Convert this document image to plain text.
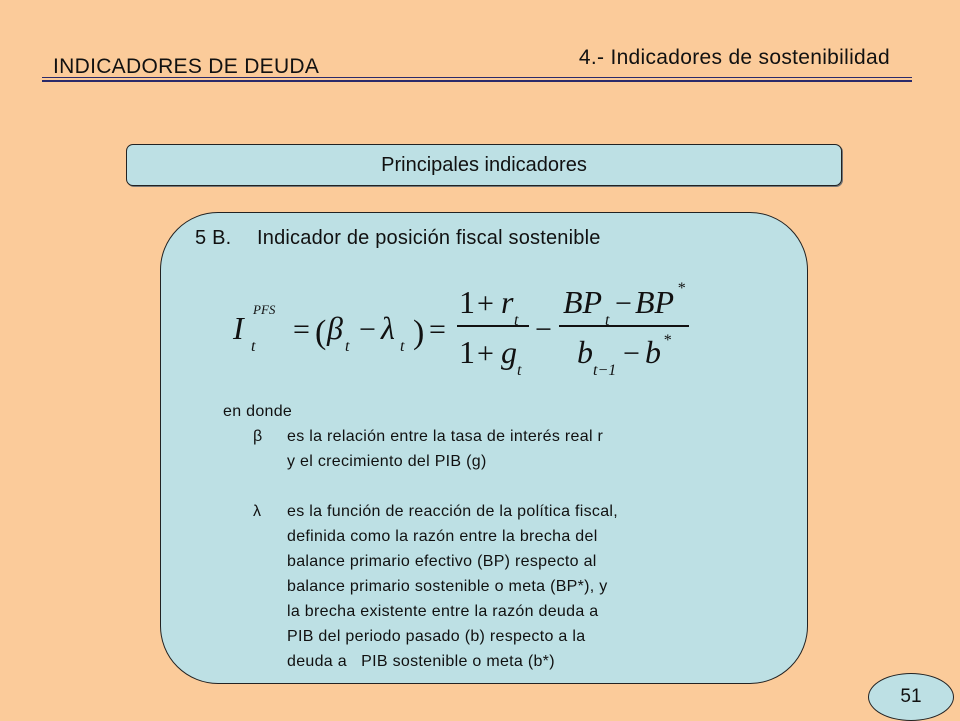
INDICADORES DE DEUDA	4.- Indicadores de sostenibilidad
Principales indicadores
5 B.	Indicador de posición fiscal sostenible
I
PFS
t
= ( β
t
− λ
t ) =
1 + r
t
1 + g
t
−
BP
t
− BP *
b
t−1
− b *
en donde
β	es la relación entre la tasa de interés real r

y el crecimiento del PIB (g)

λ	es la función de reacción de la política fiscal,

definida como la razón entre la brecha del

balance primario efectivo (BP) respecto al

balance primario sostenible o meta (BP*), y

la brecha existente entre la razón deuda a

PIB del periodo pasado (b) respecto a la

deuda a   PIB sostenible o meta (b*)

51
